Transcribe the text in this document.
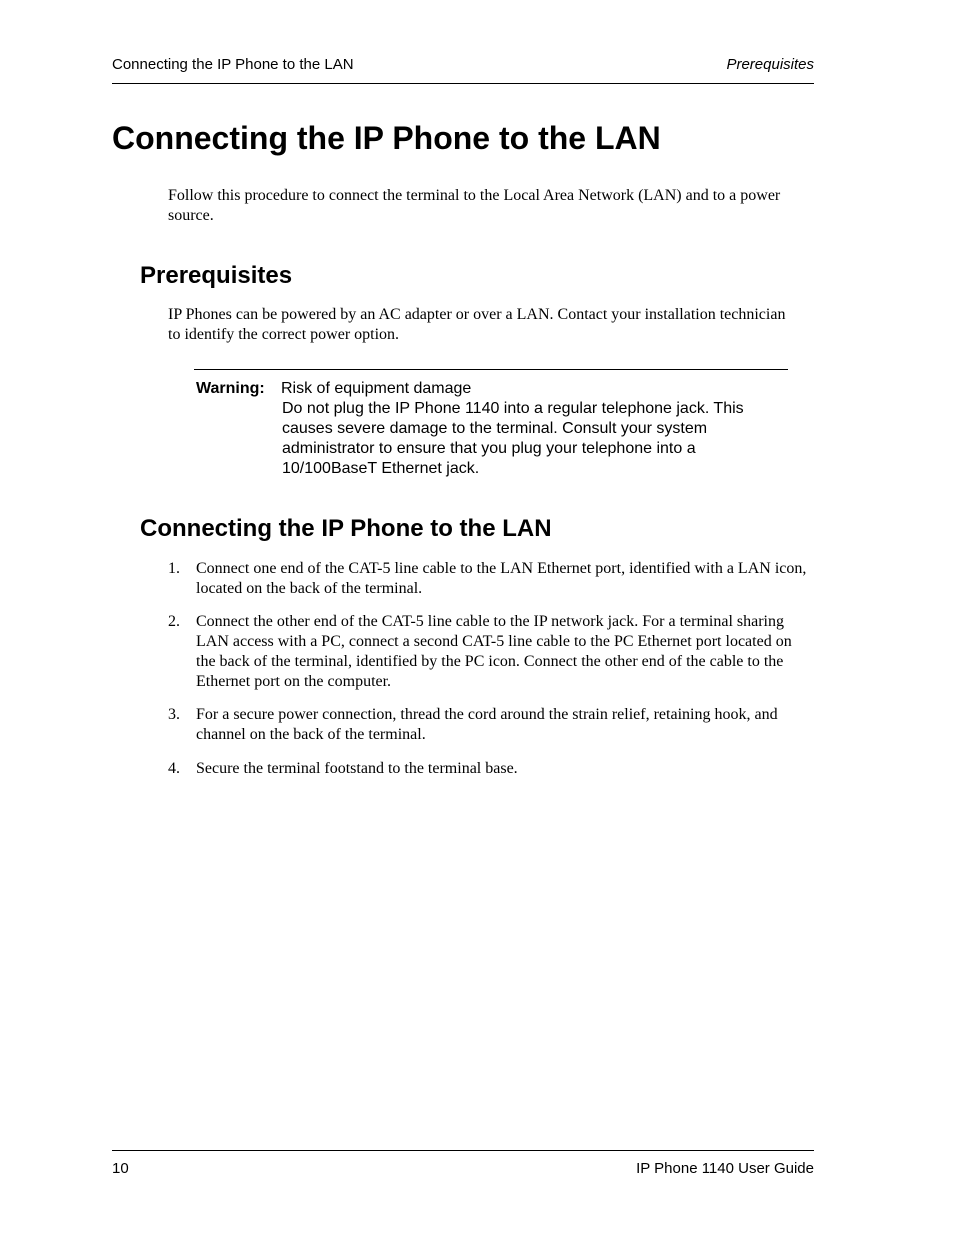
Connecting the IP Phone to the LAN	Prerequisites
Connecting the IP Phone to the LAN

Follow this procedure to connect the terminal to the Local Area Network (LAN) and to a power source.

Prerequisites

IP Phones can be powered by an AC adapter or over a LAN. Contact your installation technician to identify the correct power option.

Warning: Risk of equipment damage

Do not plug the IP Phone 1140 into a regular telephone jack. This causes severe damage to the terminal. Consult your system administrator to ensure that you plug your telephone into a 10/100BaseT Ethernet jack.

Connecting the IP Phone to the LAN
1. Connect one end of the CAT-5 line cable to the LAN Ethernet port, identified with a LAN icon, located on the back of the terminal.
2. Connect the other end of the CAT-5 line cable to the IP network jack. For a terminal sharing LAN access with a PC, connect a second CAT-5 line cable to the PC Ethernet port located on the back of the terminal, identified by the PC icon. Connect the other end of the cable to the Ethernet port on the computer.
3. For a secure power connection, thread the cord around the strain relief, retaining hook, and channel on the back of the terminal.
4. Secure the terminal footstand to the terminal base.
10	IP Phone 1140 User Guide
